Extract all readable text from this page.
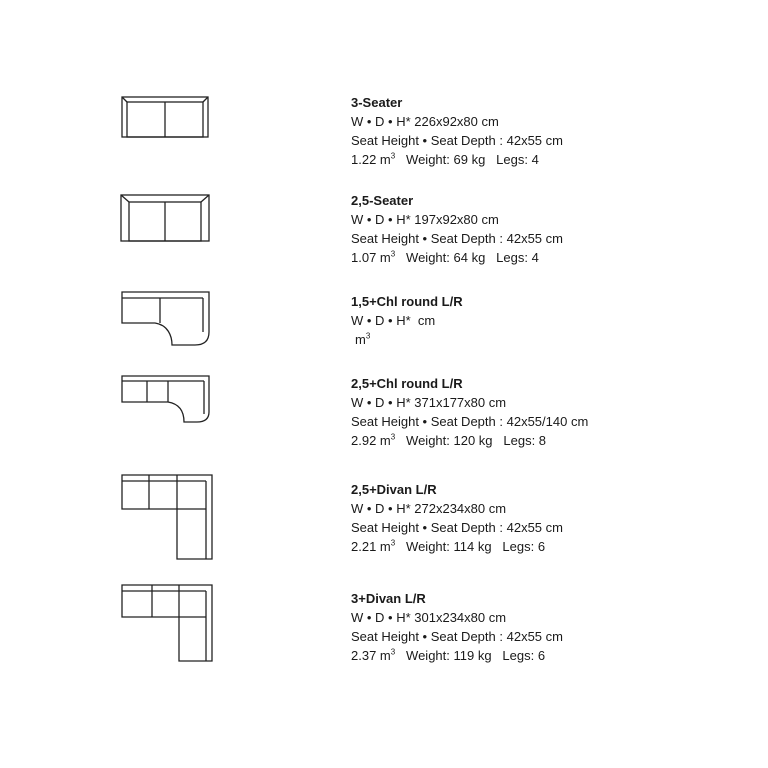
3-Seater
W • D • H* 226x92x80 cm
Seat Height • Seat Depth : 42x55 cm
1.22 $m^3$ Weight: 69 kg Legs: 4
2,5-Seater
W • D • H* 197x92x80 cm
Seat Height • Seat Depth : 42x55 cm
1.07 $m^3$ Weight: 64 kg Legs: 4
1,5+Chl round L/R
W • D • H* cm
$m^3$
2,5+Chl round L/R
W • D • H* 371x177x80 cm
Seat Height • Seat Depth : 42x55/140 cm
2.92 $m^3$ Weight: 120 kg Legs: 8
2,5+Divan L/R
W • D • H* 272x234x80 cm
Seat Height • Seat Depth : 42x55 cm
2.21 $m^3$ Weight: 114 kg Legs: 6
3+Divan L/R
W • D • H* 301x234x80 cm
Seat Height • Seat Depth : 42x55 cm
2.37 $m^3$ Weight: 119 kg Legs: 6
